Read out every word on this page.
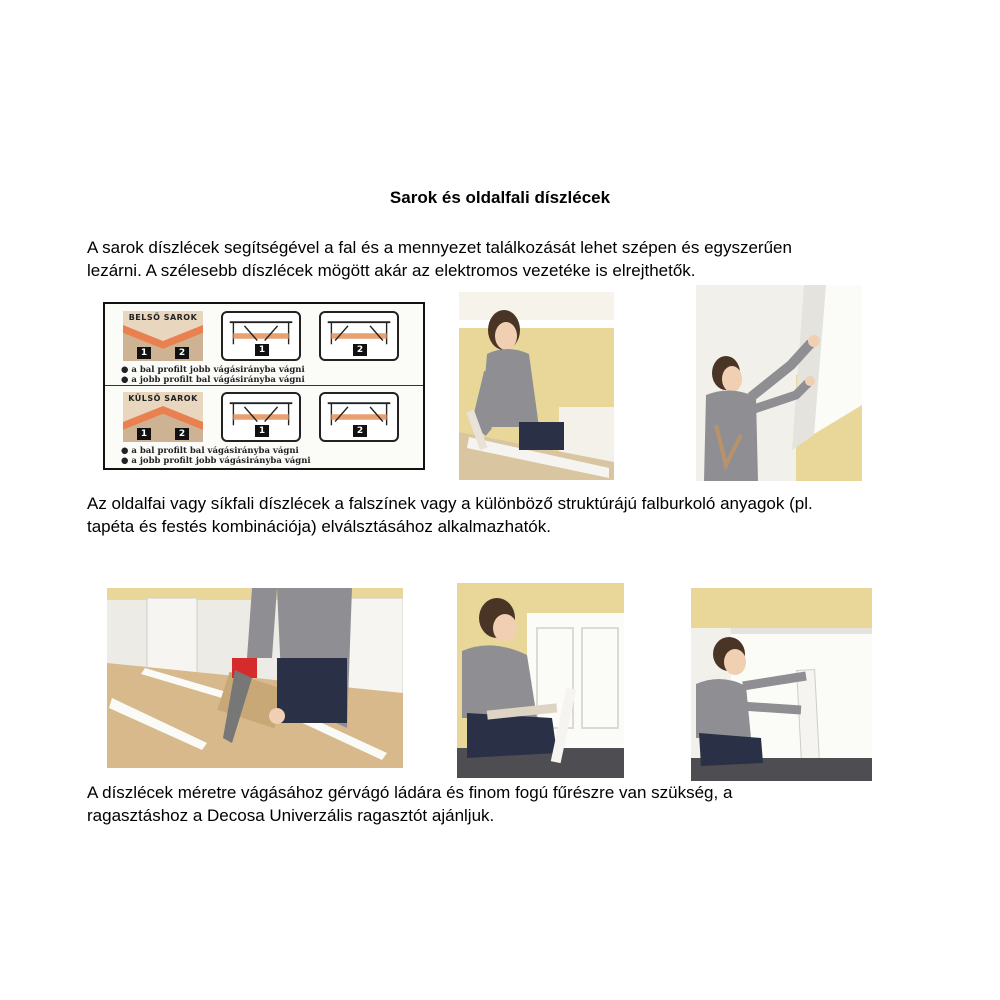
Sarok és oldalfali díszlécek

A sarok díszlécek segítségével a fal és a mennyezet találkozását lehet szépen és egyszerűen
lezárni. A szélesebb díszlécek mögött akár az elektromos vezetéke is elrejthetők.

BELSŐ SAROK
1	2	1	2
● a bal profilt jobb vágásirányba vágni
● a jobb profilt bal vágásirányba vágni
KÜLSŐ SAROK
1	2	1	2
● a bal profilt bal vágásirányba vágni
● a jobb profilt jobb vágásirányba vágni

Az oldalfai vagy síkfali díszlécek a falszínek vagy a különböző struktúrájú falburkoló anyagok (pl.
tapéta és festés kombinációja) elválsztásához alkalmazhatók.

A díszlécek méretre vágásához gérvágó ládára és finom fogú fűrészre van szükség, a
ragasztáshoz a Decosa Univerzális ragasztót ajánljuk.
